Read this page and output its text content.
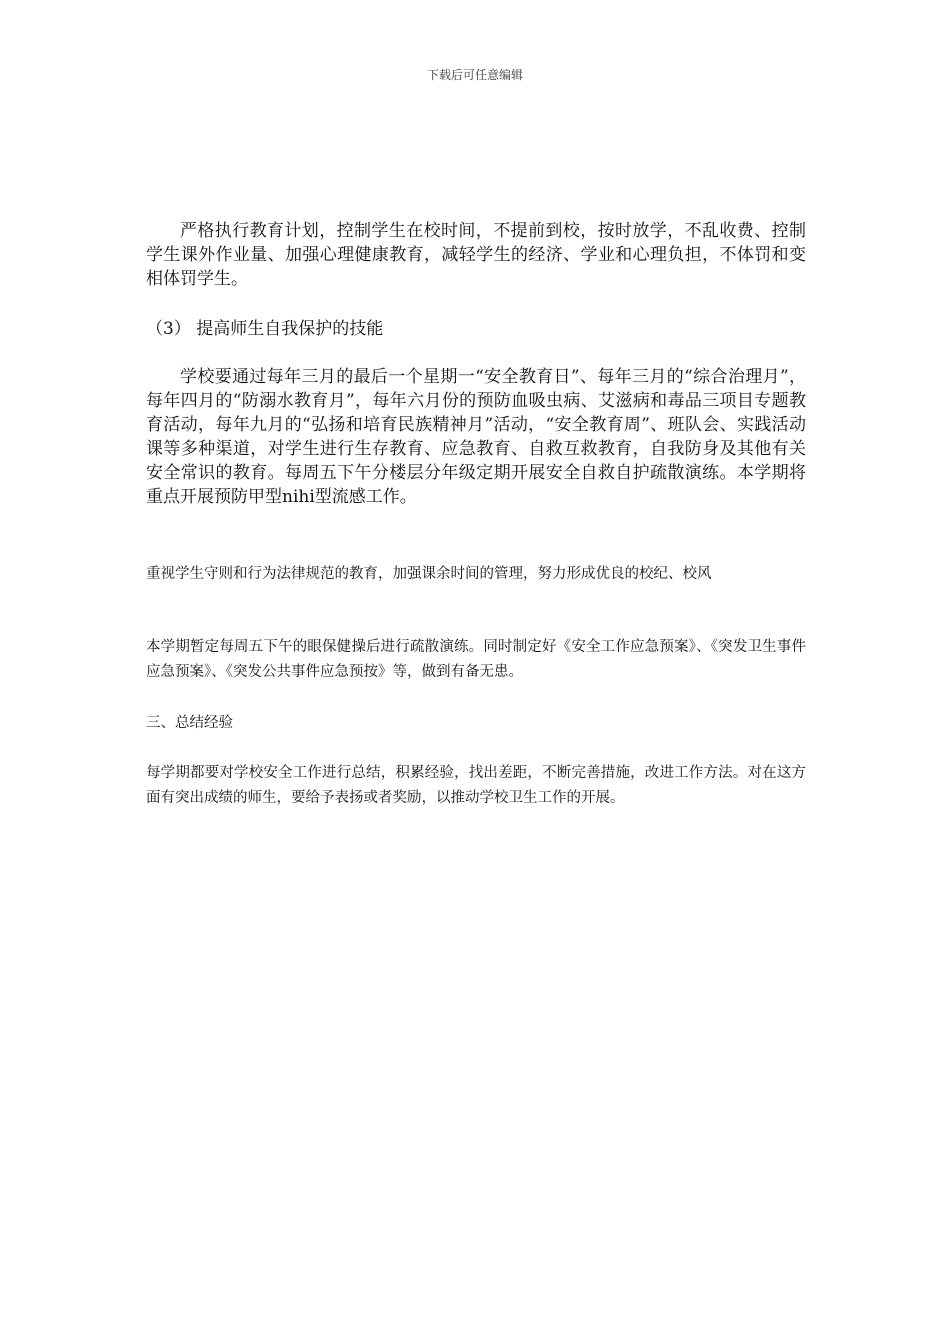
下载后可任意编辑

严格执行教育计划，控制学生在校时间，不提前到校，按时放学，不乱收费、控制学生课外作业量、加强心理健康教育，减轻学生的经济、学业和心理负担，不体罚和变相体罚学生。

（3） 提高师生自我保护的技能

学校要通过每年三月的最后一个星期一“安全教育日”、每年三月的“综合治理月”，每年四月的“防溺水教育月”，每年六月份的预防血吸虫病、艾滋病和毒品三项目专题教育活动，每年九月的“弘扬和培育民族精神月”活动，“安全教育周”、班队会、实践活动课等多种渠道，对学生进行生存教育、应急教育、自救互救教育，自我防身及其他有关安全常识的教育。每周五下午分楼层分年级定期开展安全自救自护疏散演练。本学期将重点开展预防甲型nihi型流感工作。

重视学生守则和行为法律规范的教育，加强课余时间的管理，努力形成优良的校纪、校风

本学期暂定每周五下午的眼保健操后进行疏散演练。同时制定好《安全工作应急预案》、《突发卫生事件应急预案》、《突发公共事件应急预按》等，做到有备无患。

三、总结经验

每学期都要对学校安全工作进行总结，积累经验，找出差距，不断完善措施，改进工作方法。对在这方面有突出成绩的师生，要给予表扬或者奖励，以推动学校卫生工作的开展。
